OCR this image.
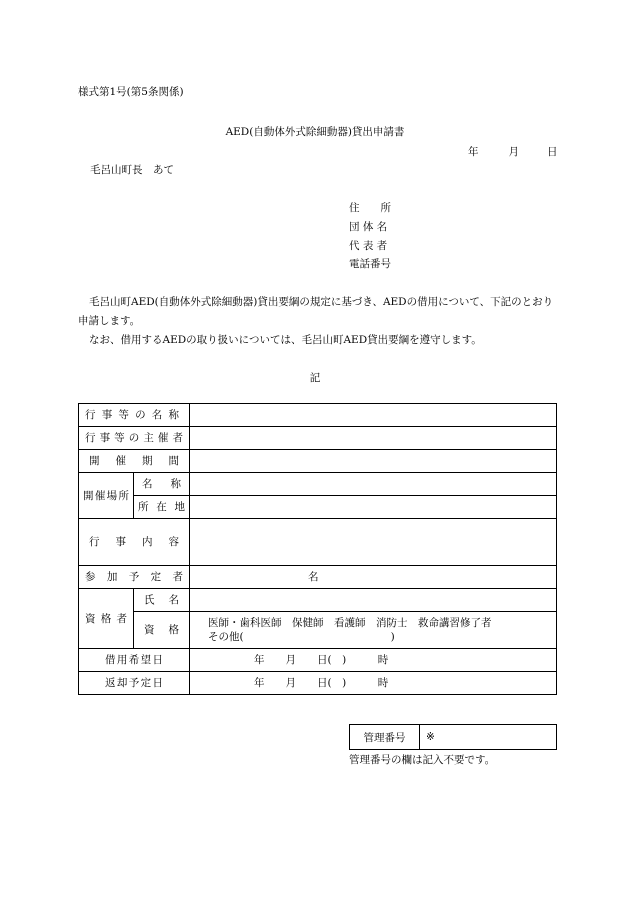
様式第1号(第5条関係)
AED(自動体外式除細動器)貸出申請書
年	月	日
毛呂山町長　あて
住　　所
団 体 名
代 表 者
電話番号

毛呂山町AED(自動体外式除細動器)貸出要綱の規定に基づき、AEDの借用について、下記のとおり申請します。

なお、借用するAEDの取り扱いについては、毛呂山町AED貸出要綱を遵守します。

記
行事等の名称		
行事等の主催者		
開催期間		
開催場所	名称	
	所在地	
行事内容		
参加予定者		名
資格者	氏名	
	資格	医師・歯科医師　保健師　看護師　消防士　救命講習修了者
その他(　　　　　　　　　　　　　　)

借用希望日		年　　月　　日(　)　　　時
返却予定日		年　　月　　日(　)　　　時
管理番号	※
管理番号の欄は記入不要です。
